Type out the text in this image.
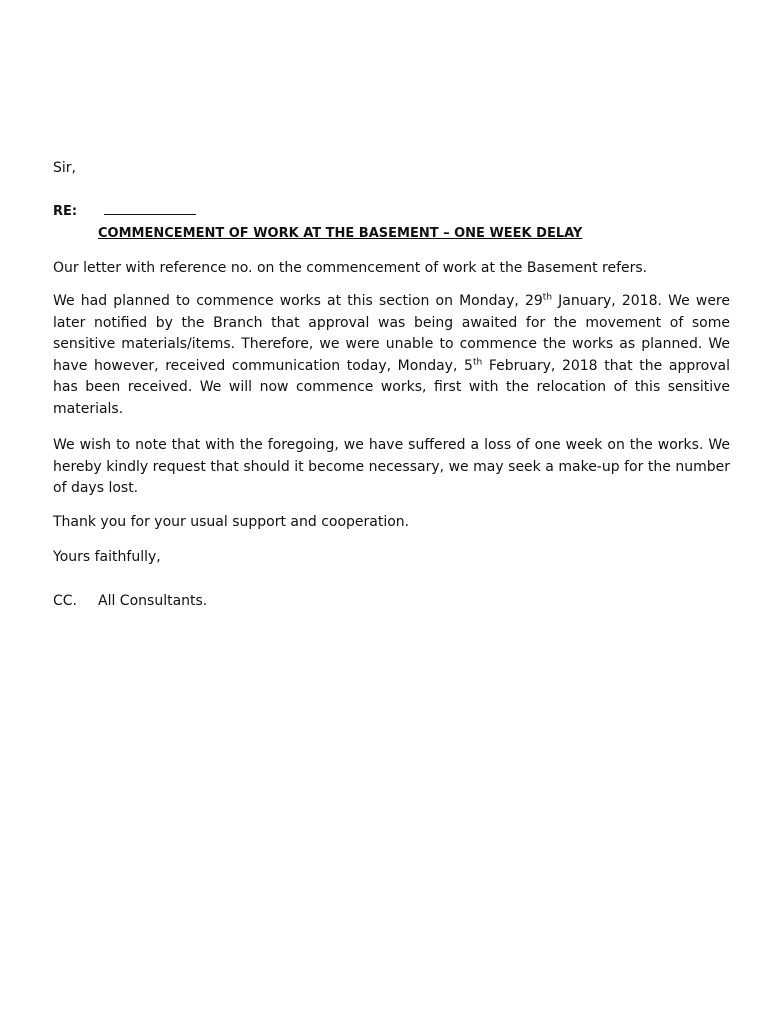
Sir,
RE:
COMMENCEMENT OF WORK AT THE BASEMENT – ONE WEEK DELAY

Our letter with reference no. on the commencement of work at the Basement refers.

We had planned to commence works at this section on Monday, 29th January, 2018. We were later notified by the Branch that approval was being awaited for the movement of some sensitive materials/items. Therefore, we were unable to commence the works as planned. We have however, received communication today, Monday, 5th February, 2018 that the approval has been received. We will now commence works, first with the relocation of this sensitive materials.

We wish to note that with the foregoing, we have suffered a loss of one week on the works. We hereby kindly request that should it become necessary, we may seek a make-up for the number of days lost.

Thank you for your usual support and cooperation.

Yours faithfully,

CC. All Consultants.
